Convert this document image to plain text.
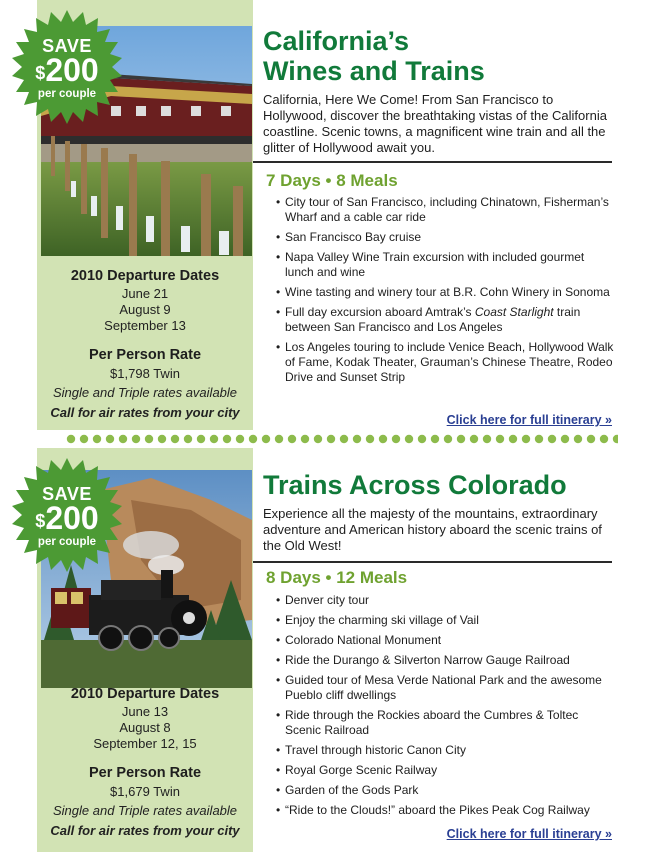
SAVE
$200
per couple
2010 Departure Dates
June 21
August 9
September 13
Per Person Rate
$1,798 Twin
Single and Triple rates available
Call for air rates from your city
California’s
Wines and Trains
California, Here We Come! From San Francisco to Hollywood, discover the breathtaking vistas of the California coastline. Scenic towns, a magnificent wine train and all the glitter of Hollywood await you.
7 Days • 8 Meals
• City tour of San Francisco, including Chinatown, Fisherman’s Wharf and a cable car ride
• San Francisco Bay cruise
• Napa Valley Wine Train excursion with included gourmet lunch and wine
• Wine tasting and winery tour at B.R. Cohn Winery in Sonoma
• Full day excursion aboard Amtrak’s Coast Starlight train between San Francisco and Los Angeles
• Los Angeles touring to include Venice Beach, Hollywood Walk of Fame, Kodak Theater, Grauman’s Chinese Theatre, Rodeo Drive and Sunset Strip
Click here for full itinerary »
SAVE
$200
per couple
2010 Departure Dates
June 13
August 8
September 12, 15
Per Person Rate
$1,679 Twin
Single and Triple rates available
Call for air rates from your city
Trains Across Colorado
Experience all the majesty of the mountains, extraordinary adventure and American history aboard the scenic trains of the Old West!
8 Days • 12 Meals
• Denver city tour
• Enjoy the charming ski village of Vail
• Colorado National Monument
• Ride the Durango & Silverton Narrow Gauge Railroad
• Guided tour of Mesa Verde National Park and the awesome Pueblo cliff dwellings
• Ride through the Rockies aboard the Cumbres & Toltec Scenic Railroad
• Travel through historic Canon City
• Royal Gorge Scenic Railway
• Garden of the Gods Park
• “Ride to the Clouds!” aboard the Pikes Peak Cog Railway
Click here for full itinerary »
